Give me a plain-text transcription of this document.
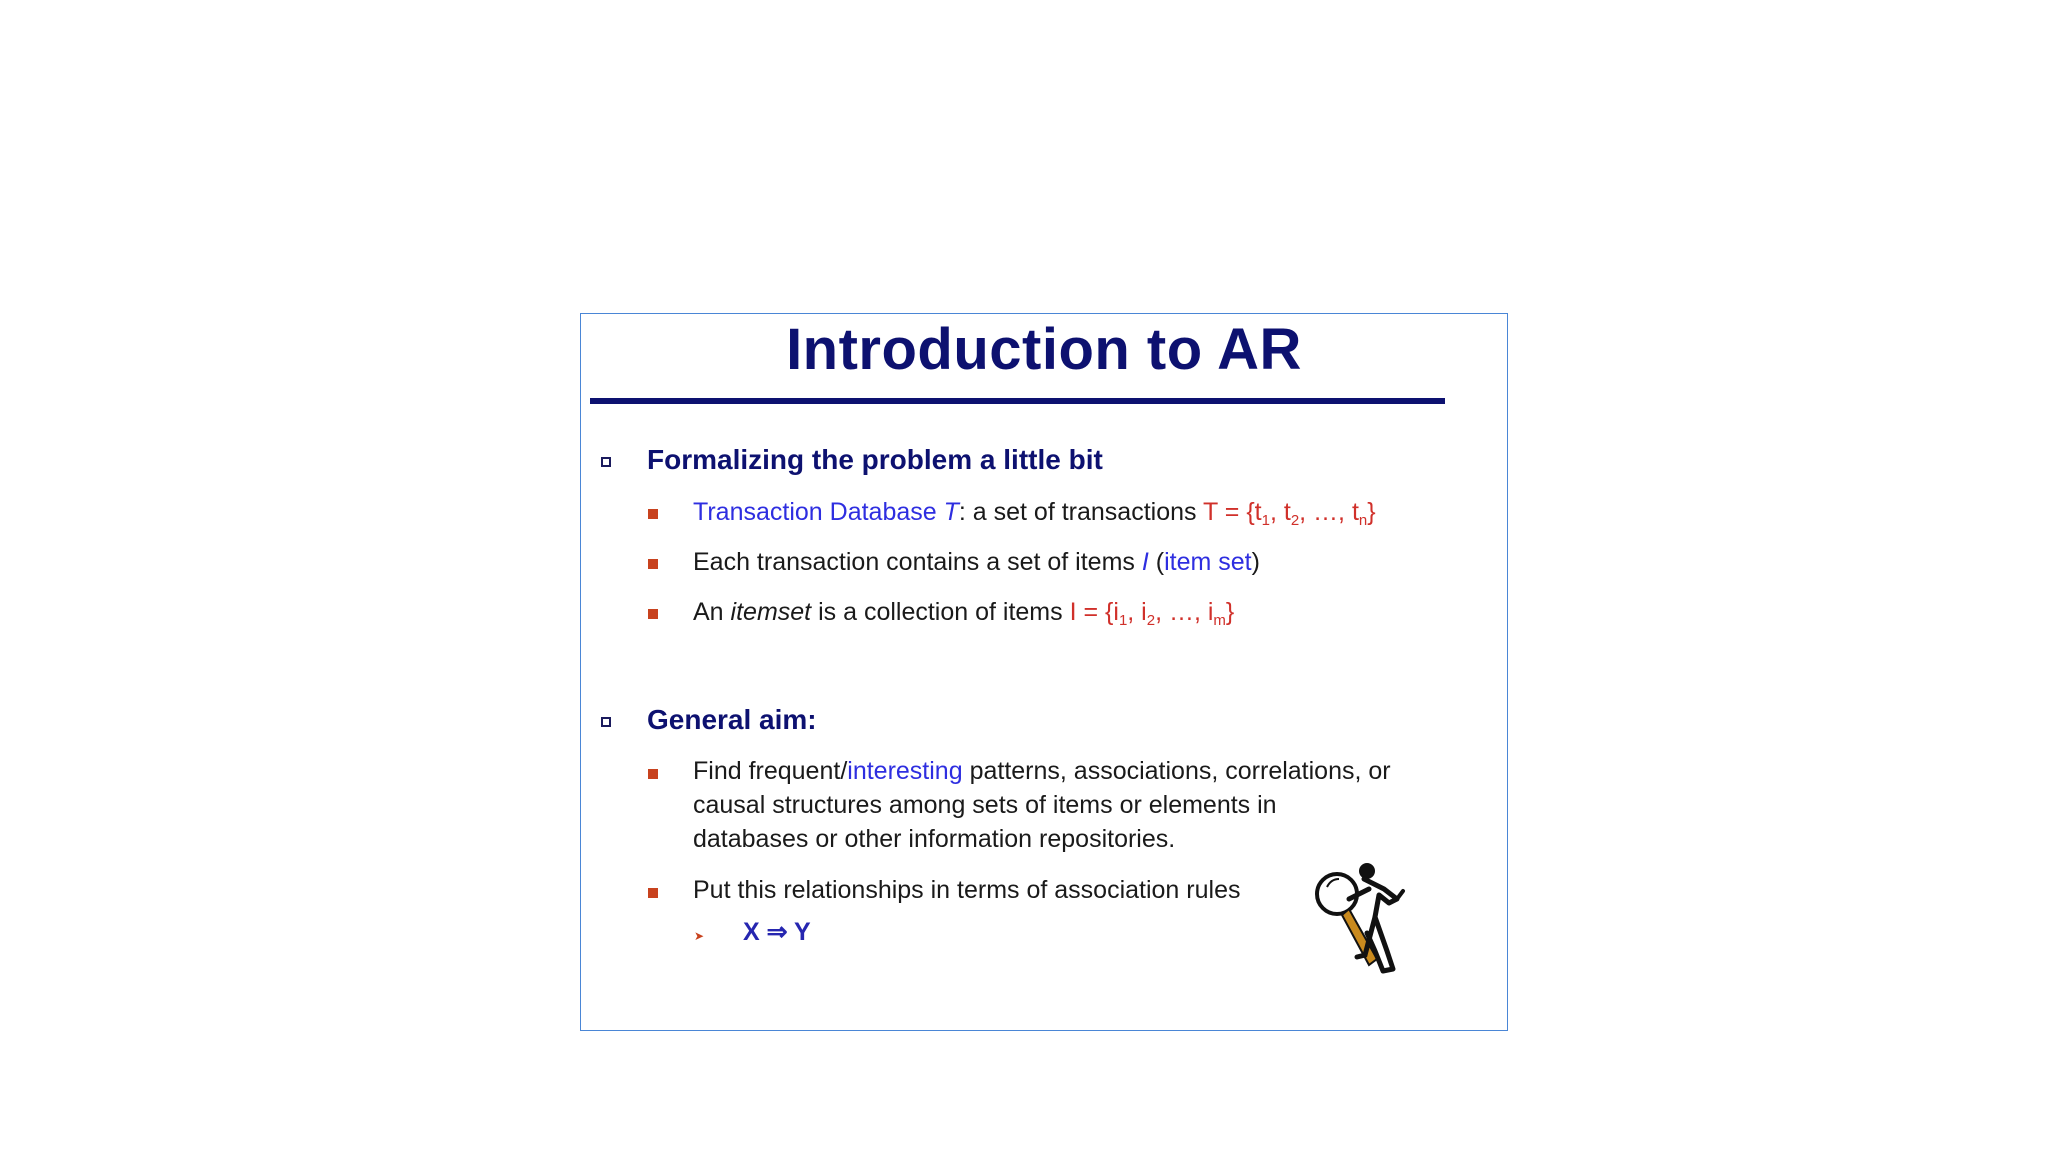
Introduction to AR
Formalizing the problem a little bit
Transaction Database T: a set of transactions $T = \{t_1$, $t_2$, …, $t_n$}
Each transaction contains a set of items I (item set)
An itemset is a collection of items $I = \{i_1$, $i_2$, …, $i_m$}
General aim:
Find frequent/interesting patterns, associations, correlations, or
causal structures among sets of items or elements in
databases or other information repositories.
Put this relationships in terms of association rules
➤ X ⇒ Y
